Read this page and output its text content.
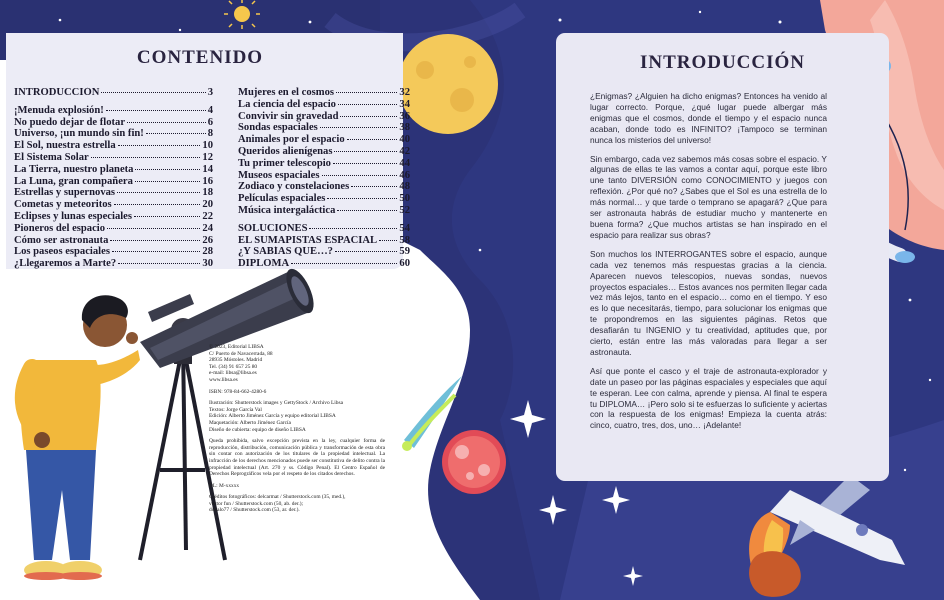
CONTENIDO
INTRODUCCIÓN	3
¡Menuda explosión!	4
No puedo dejar de flotar	6
Universo, ¡un mundo sin fin!	8
El Sol, nuestra estrella	10
El Sistema Solar	12
La Tierra, nuestro planeta	14
La Luna, gran compañera	16
Estrellas y supernovas	18
Cometas y meteoritos	20
Eclipses y lunas especiales	22
Pioneros del espacio	24
Cómo ser astronauta	26
Los paseos espaciales	28
¿Llegaremos a Marte?	30
Mujeres en el cosmos	32
La ciencia del espacio	34
Convivir sin gravedad	36
Sondas espaciales	38
Animales por el espacio	40
Queridos alienígenas	42
Tu primer telescopio	44
Museos espaciales	46
Zodiaco y constelaciones	48
Películas espaciales	50
Música intergaláctica	52
SOLUCIONES	54
EL SUMAPISTAS ESPACIAL 58
¿Y SABÍAS QUE…?	59
DIPLOMA	60

© 2023, Editorial LIBSA
C/ Puerto de Navacerrada, 88
28935 Móstoles. Madrid
Tel. (34) 91 657 25 80
e-mail: libsa@libsa.es
www.libsa.es

ISBN: 978-84-662-4280-6

Ilustración: Shutterstock images y GettyStock / Archivo Libsa
Textos: Jorge García Val
Edición: Alberto Jiménez García y equipo editorial LIBSA
Maquetación: Alberto Jiménez García
Diseño de cubierta: equipo de diseño LIBSA

Queda prohibida, salvo excepción prevista en la ley, cualquier forma de reproducción, distribución, comunicación pública y transformación de esta obra sin contar con autorización de los titulares de la propiedad intelectual. La infracción de los derechos mencionados puede ser constitutiva de delito contra la propiedad intelectual (Art. 270 y ss. Código Penal). El Centro Español de Derechos Reprográficos vela por el respeto de los citados derechos.

DL: M-xxxxx

Créditos fotográficos: delcarmat / Shutterstock.com (35, med.),
vector fun / Shutterstock.com (50, ab. der.);
dodalo77 / Shutterstock.com (53, ar. der.).

INTRODUCCIÓN

¿Enigmas? ¿Alguien ha dicho enigmas? Entonces ha venido al lugar correcto. Porque, ¿qué lugar puede albergar más enigmas que el cosmos, donde el tiempo y el espacio nunca acaban, donde todo es INFINITO? ¡Tampoco se terminan nunca los misterios del universo!

Sin embargo, cada vez sabemos más cosas sobre el espacio. Y algunas de ellas te las vamos a contar aquí, porque este libro une tanto DIVERSIÓN como CONOCIMIENTO y juegos con reflexión. ¿Por qué no? ¿Sabes que el Sol es una estrella de lo más normal… y que tarde o temprano se apagará? ¿Que para ser astronauta habrás de estudiar mucho y mantenerte en buena forma? ¿Que muchos artistas se han inspirado en el espacio para realizar sus obras?

Son muchos los INTERROGANTES sobre el espacio, aunque cada vez tenemos más respuestas gracias a la ciencia. Aparecen nuevos telescopios, nuevas sondas, nuevos proyectos espaciales… Estos avances nos permiten llegar cada vez más lejos, tanto en el espacio… como en el tiempo. Y eso es lo que necesitarás, tiempo, para solucionar los enigmas que te propondremos en las siguientes páginas. Retos que desafiarán tu INGENIO y tu creatividad, aptitudes que, por cierto, están entre las más valoradas para llegar a ser astronauta.

Así que ponte el casco y el traje de astronauta-explorador y date un paseo por las páginas espaciales y especiales que aquí te esperan. Lee con calma, aprende y piensa. Al final te espera tu DIPLOMA… ¡Pero solo si te esfuerzas lo suficiente y aciertas con la respuesta de los enigmas! Empieza la cuenta atrás: cinco, cuatro, tres, dos, uno… ¡Adelante!
